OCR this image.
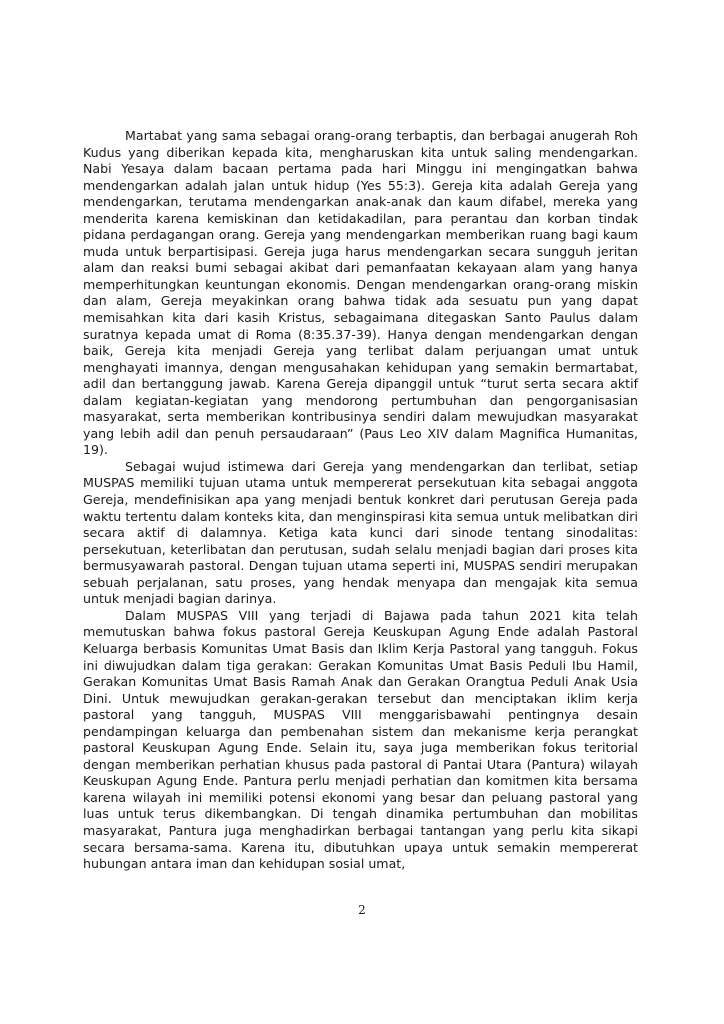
Martabat yang sama sebagai orang-orang terbaptis, dan berbagai anugerah Roh Kudus yang diberikan kepada kita, mengharuskan kita untuk saling mendengarkan. Nabi Yesaya dalam bacaan pertama pada hari Minggu ini mengingatkan bahwa mendengarkan adalah jalan untuk hidup (Yes 55:3). Gereja kita adalah Gereja yang mendengarkan, terutama mendengarkan anak-anak dan kaum difabel, mereka yang menderita karena kemiskinan dan ketidakadilan, para perantau dan korban tindak pidana perdagangan orang. Gereja yang mendengarkan memberikan ruang bagi kaum muda untuk berpartisipasi. Gereja juga harus mendengarkan secara sungguh jeritan alam dan reaksi bumi sebagai akibat dari pemanfaatan kekayaan alam yang hanya memperhitungkan keuntungan ekonomis. Dengan mendengarkan orang-orang miskin dan alam, Gereja meyakinkan orang bahwa tidak ada sesuatu pun yang dapat memisahkan kita dari kasih Kristus, sebagaimana ditegaskan Santo Paulus dalam suratnya kepada umat di Roma (8:35.37-39). Hanya dengan mendengarkan dengan baik, Gereja kita menjadi Gereja yang terlibat dalam perjuangan umat untuk menghayati imannya, dengan mengusahakan kehidupan yang semakin bermartabat, adil dan bertanggung jawab. Karena Gereja dipanggil untuk “turut serta secara aktif dalam kegiatan-kegiatan yang mendorong pertumbuhan dan pengorganisasian masyarakat, serta memberikan kontribusinya sendiri dalam mewujudkan masyarakat yang lebih adil dan penuh persaudaraan” (Paus Leo XIV dalam Magnifica Humanitas, 19).

Sebagai wujud istimewa dari Gereja yang mendengarkan dan terlibat, setiap MUSPAS memiliki tujuan utama untuk mempererat persekutuan kita sebagai anggota Gereja, mendefinisikan apa yang menjadi bentuk konkret dari perutusan Gereja pada waktu tertentu dalam konteks kita, dan menginspirasi kita semua untuk melibatkan diri secara aktif di dalamnya. Ketiga kata kunci dari sinode tentang sinodalitas: persekutuan, keterlibatan dan perutusan, sudah selalu menjadi bagian dari proses kita bermusyawarah pastoral. Dengan tujuan utama seperti ini, MUSPAS sendiri merupakan sebuah perjalanan, satu proses, yang hendak menyapa dan mengajak kita semua untuk menjadi bagian darinya.

Dalam MUSPAS VIII yang terjadi di Bajawa pada tahun 2021 kita telah memutuskan bahwa fokus pastoral Gereja Keuskupan Agung Ende adalah Pastoral Keluarga berbasis Komunitas Umat Basis dan Iklim Kerja Pastoral yang tangguh. Fokus ini diwujudkan dalam tiga gerakan: Gerakan Komunitas Umat Basis Peduli Ibu Hamil, Gerakan Komunitas Umat Basis Ramah Anak dan Gerakan Orangtua Peduli Anak Usia Dini. Untuk mewujudkan gerakan-gerakan tersebut dan menciptakan iklim kerja pastoral yang tangguh, MUSPAS VIII menggarisbawahi pentingnya desain pendampingan keluarga dan pembenahan sistem dan mekanisme kerja perangkat pastoral Keuskupan Agung Ende. Selain itu, saya juga memberikan fokus teritorial dengan memberikan perhatian khusus pada pastoral di Pantai Utara (Pantura) wilayah Keuskupan Agung Ende. Pantura perlu menjadi perhatian dan komitmen kita bersama karena wilayah ini memiliki potensi ekonomi yang besar dan peluang pastoral yang luas untuk terus dikembangkan. Di tengah dinamika pertumbuhan dan mobilitas masyarakat, Pantura juga menghadirkan berbagai tantangan yang perlu kita sikapi secara bersama-sama. Karena itu, dibutuhkan upaya untuk semakin mempererat hubungan antara iman dan kehidupan sosial umat,

2
